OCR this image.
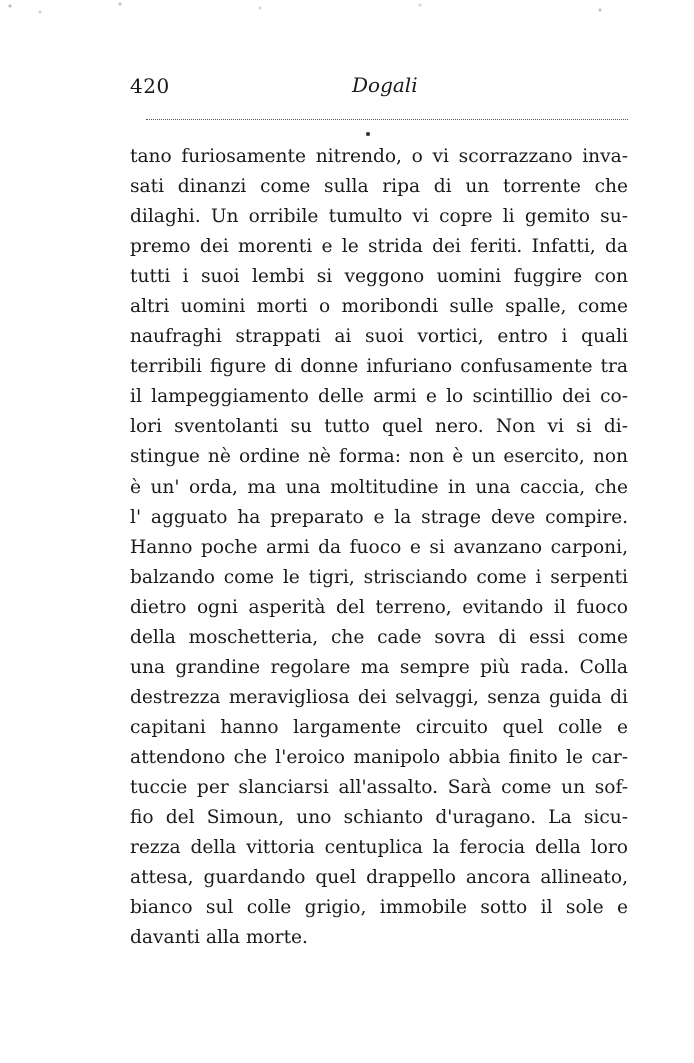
420	Dogali
tano furiosamente nitrendo, o vi scorrazzano inva-
sati dinanzi come sulla ripa di un torrente che
dilaghi. Un orribile tumulto vi copre li gemito su-
premo dei morenti e le strida dei feriti. Infatti, da
tutti i suoi lembi si veggono uomini fuggire con
altri uomini morti o moribondi sulle spalle, come
naufraghi strappati ai suoi vortici, entro i quali
terribili figure di donne infuriano confusamente tra
il lampeggiamento delle armi e lo scintillio dei co-
lori sventolanti su tutto quel nero. Non vi si di-
stingue nè ordine nè forma: non è un esercito, non
è un' orda, ma una moltitudine in una caccia, che
l' agguato ha preparato e la strage deve compire.
Hanno poche armi da fuoco e si avanzano carponi,
balzando come le tigri, strisciando come i serpenti
dietro ogni asperità del terreno, evitando il fuoco
della moschetteria, che cade sovra di essi come
una grandine regolare ma sempre più rada. Colla
destrezza meravigliosa dei selvaggi, senza guida di
capitani hanno largamente circuito quel colle e
attendono che l'eroico manipolo abbia finito le car-
tuccie per slanciarsi all'assalto. Sarà come un sof-
fio del Simoun, uno schianto d'uragano. La sicu-
rezza della vittoria centuplica la ferocia della loro
attesa, guardando quel drappello ancora allineato,
bianco sul colle grigio, immobile sotto il sole e
davanti alla morte.
